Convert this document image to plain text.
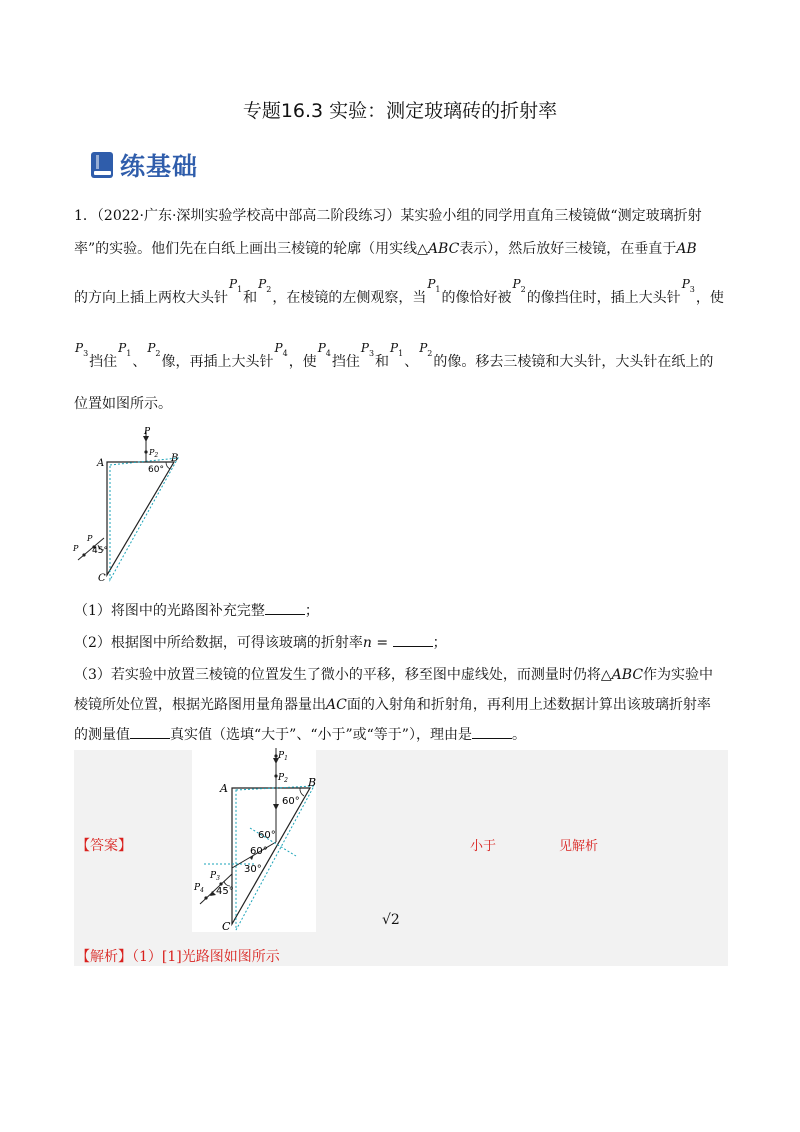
专题16.3 实验：测定玻璃砖的折射率
练基础
1．（2022·广东·深圳实验学校高中部高二阶段练习）某实验小组的同学用直角三棱镜做“测定玻璃折射
率”的实验。他们先在白纸上画出三棱镜的轮廓（用实线△ABC表示），然后放好三棱镜，在垂直于AB
的方向上插上两枚大头针$P_1$和$P_2$，在棱镜的左侧观察，当$P_1$的像恰好被$P_2$的像挡住时，插上大头针$P_3$，使
$P_3$挡住$P_1$、$P_2$像，再插上大头针$P_4$，使$P_4$挡住$P_3$和$P_1$、$P_2$的像。移去三棱镜和大头针，大头针在纸上的
位置如图所示。
P
$P_2$
A	B
C
60°
45°
P
P
（1）将图中的光路图补充完整	；
（2）根据图中所给数据，可得该玻璃的折射率n =	；
（3）若实验中放置三棱镜的位置发生了微小的平移，移至图中虚线处，而测量时仍将△ABC作为实验中
棱镜所处位置，根据光路图用量角器量出AC面的入射角和折射角，再利用上述数据计算出该玻璃折射率
的测量值	真实值（选填“大于”、“小于”或“等于”），理由是	。
$P_1$
$P_2$
A	B
C
60°
60°
60°
30°
45°
$P_3$
$P_4$
【答案】	小于	见解析
√2
【解析】（1）[1]光路图如图所示
